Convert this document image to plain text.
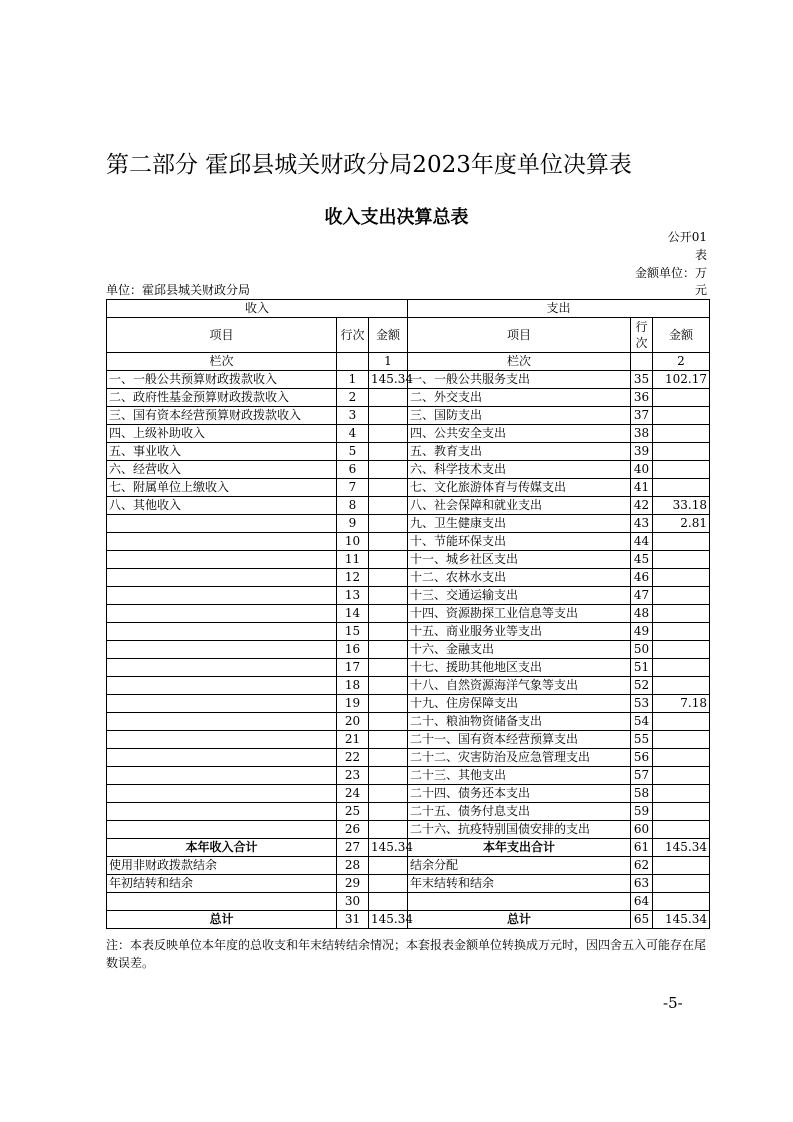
第二部分 霍邱县城关财政分局2023年度单位决算表
收入支出决算总表
公开01
表
金额单位：万
元
单位：霍邱县城关财政分局
收入			支出		
项目	行次	金额	项目	行次	金额
栏次		1	栏次		2
一、一般公共预算财政拨款收入	1	145.34	一、一般公共服务支出	35	102.17
二、政府性基金预算财政拨款收入	2		二、外交支出	36	
三、国有资本经营预算财政拨款收入	3		三、国防支出	37	
四、上级补助收入	4		四、公共安全支出	38	
五、事业收入	5		五、教育支出	39	
六、经营收入	6		六、科学技术支出	40	
七、附属单位上缴收入	7		七、文化旅游体育与传媒支出	41	
八、其他收入	8		八、社会保障和就业支出	42	33.18
	9		九、卫生健康支出	43	2.81
	10		十、节能环保支出	44	
	11		十一、城乡社区支出	45	
	12		十二、农林水支出	46	
	13		十三、交通运输支出	47	
	14		十四、资源勘探工业信息等支出	48	
	15		十五、商业服务业等支出	49	
	16		十六、金融支出	50	
	17		十七、援助其他地区支出	51	
	18		十八、自然资源海洋气象等支出	52	
	19		十九、住房保障支出	53	7.18
	20		二十、粮油物资储备支出	54	
	21		二十一、国有资本经营预算支出	55	
	22		二十二、灾害防治及应急管理支出	56	
	23		二十三、其他支出	57	
	24		二十四、债务还本支出	58	
	25		二十五、债务付息支出	59	
	26		二十六、抗疫特别国债安排的支出	60	
本年收入合计	27	145.34	本年支出合计	61	145.34
使用非财政拨款结余	28		结余分配	62	
年初结转和结余	29		年末结转和结余	63	
	30			64	
总计	31	145.34	总计	65	145.34
注：本表反映单位本年度的总收支和年末结转结余情况；本套报表金额单位转换成万元时，因四舍五入可能存在尾数误差。
-5-
